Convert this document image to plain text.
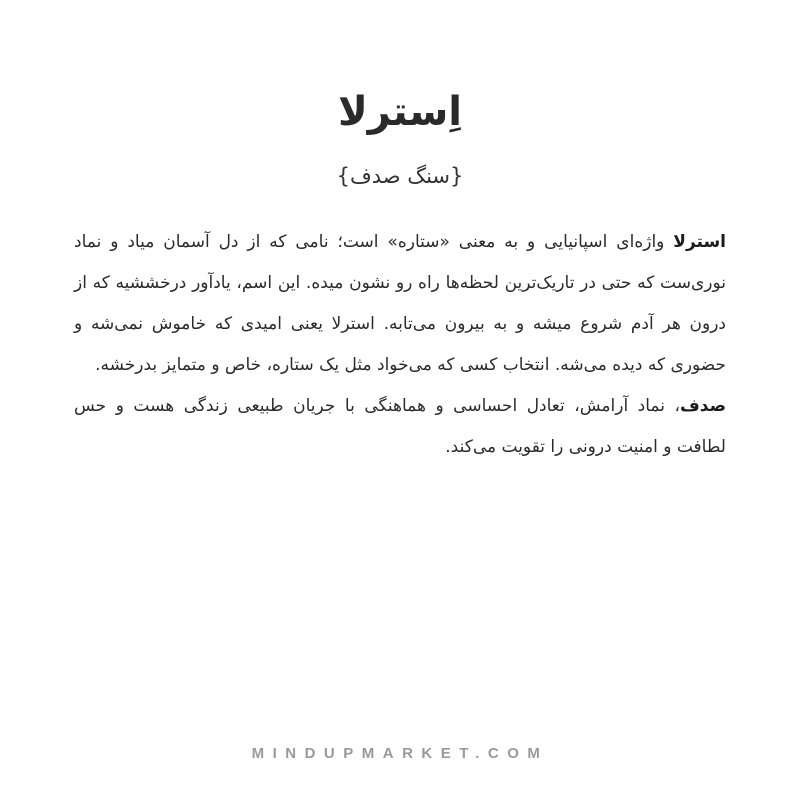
اِسترلا
{سنگ صدف}

استرلا واژه‌ای اسپانیایی و به معنی «ستاره» است؛ نامی که از دل آسمان میاد و نماد نوری‌ست که حتی در تاریک‌ترین لحظه‌ها راه رو نشون میده. این اسم، یادآور درخششیه که از درون هر آدم شروع میشه و به بیرون می‌تابه. استرلا یعنی امیدی که خاموش نمی‌شه و حضوری که دیده می‌شه. انتخاب کسی که می‌خواد مثل یک ستاره، خاص و متمایز بدرخشه.

صدف، نماد آرامش، تعادل احساسی و هماهنگی با جریان طبیعی زندگی هست و حس لطافت و امنیت درونی را تقویت می‌کند.

MINDUPMARKET.COM
